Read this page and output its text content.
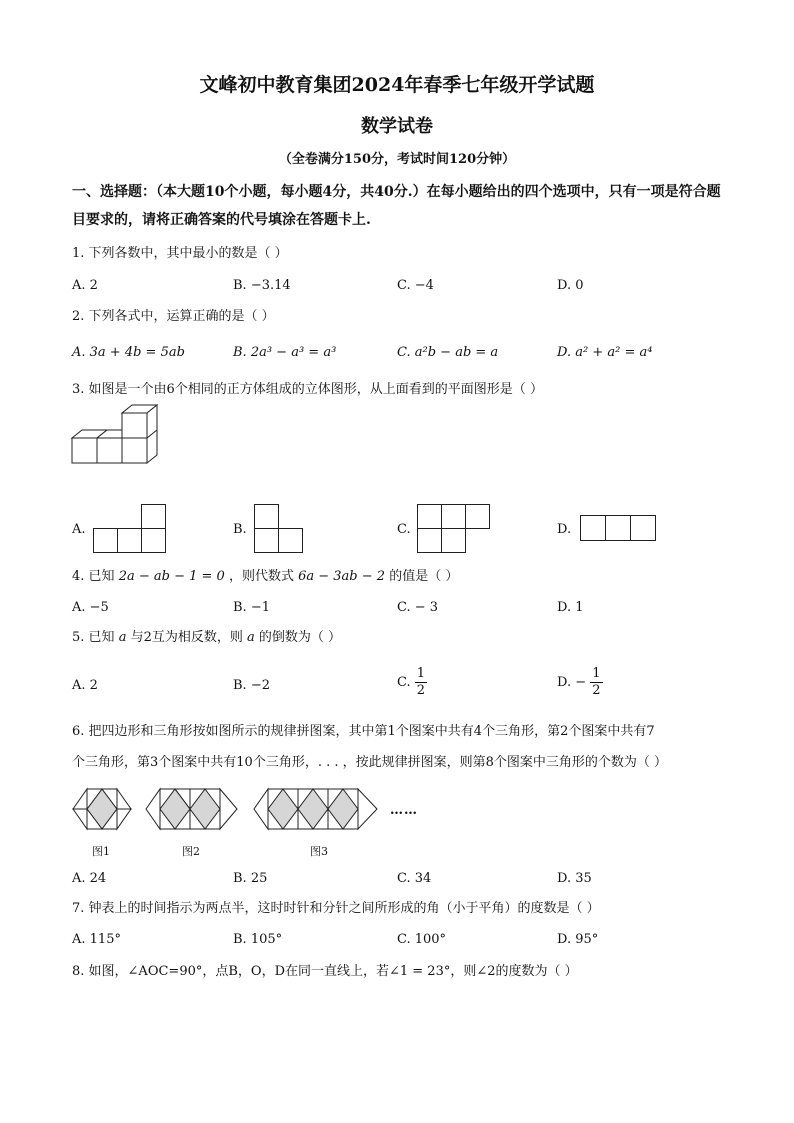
文峰初中教育集团2024年春季七年级开学试题
数学试卷
（全卷满分150分，考试时间120分钟）
一、选择题：（本大题10个小题，每小题4分，共40分.）在每小题给出的四个选项中，只有一项是符合题目要求的，请将正确答案的代号填涂在答题卡上.
1. 下列各数中，其中最小的数是（ ）
A. 2	B. −3.14	C. −4	D. 0
2. 下列各式中，运算正确的是（ ）
A. 3a + 4b = 5ab	B. 2a³ − a³ = a³	C. a²b − ab = a	D. a² + a² = a⁴
3. 如图是一个由6个相同的正方体组成的立体图形，从上面看到的平面图形是（ ）
A.	B.	C.	D.
4. 已知 2a − ab − 1 = 0 ，则代数式 6a − 3ab − 2 的值是（ ）
A. −5	B. −1	C. − 3	D. 1
5. 已知 a 与2互为相反数，则 a 的倒数为（ ）
A. 2	B. −2	C. $\frac{1}{2}$	D. − $\frac{1}{2}$
6. 把四边形和三角形按如图所示的规律拼图案，其中第1个图案中共有4个三角形，第2个图案中共有7
个三角形，第3个图案中共有10个三角形，. . . ，按此规律拼图案，则第8个图案中三角形的个数为（ ）
图1	图2	图3
……
A. 24	B. 25	C. 34	D. 35
7. 钟表上的时间指示为两点半，这时时针和分针之间所形成的角（小于平角）的度数是（ ）
A. 115°	B. 105°	C. 100°	D. 95°
8. 如图，∠AOC=90°，点B，O，D在同一直线上，若∠1 = 23°，则∠2的度数为（ ）
